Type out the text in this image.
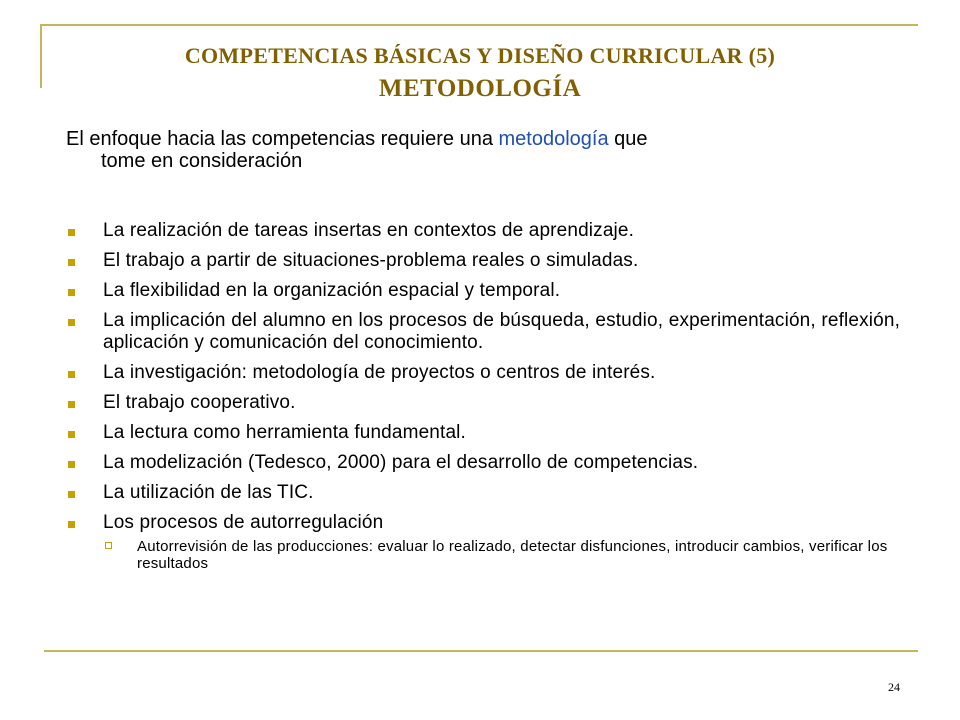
COMPETENCIAS BÁSICAS Y DISEÑO CURRICULAR (5)
METODOLOGÍA
El enfoque hacia las competencias requiere una metodología que
tome en consideración
La realización de tareas insertas en contextos de aprendizaje.
El trabajo a partir de situaciones-problema reales o simuladas.
La flexibilidad en la organización espacial y temporal.
La implicación del alumno en los procesos de búsqueda, estudio, experimentación, reflexión, aplicación y comunicación del conocimiento.
La investigación: metodología de proyectos o centros de interés.
El trabajo cooperativo.
La lectura como herramienta fundamental.
La modelización (Tedesco, 2000) para el desarrollo de competencias.
La utilización de las TIC.
Los procesos de autorregulación
Autorrevisión de las producciones: evaluar lo realizado, detectar disfunciones, introducir cambios, verificar los resultados
24
